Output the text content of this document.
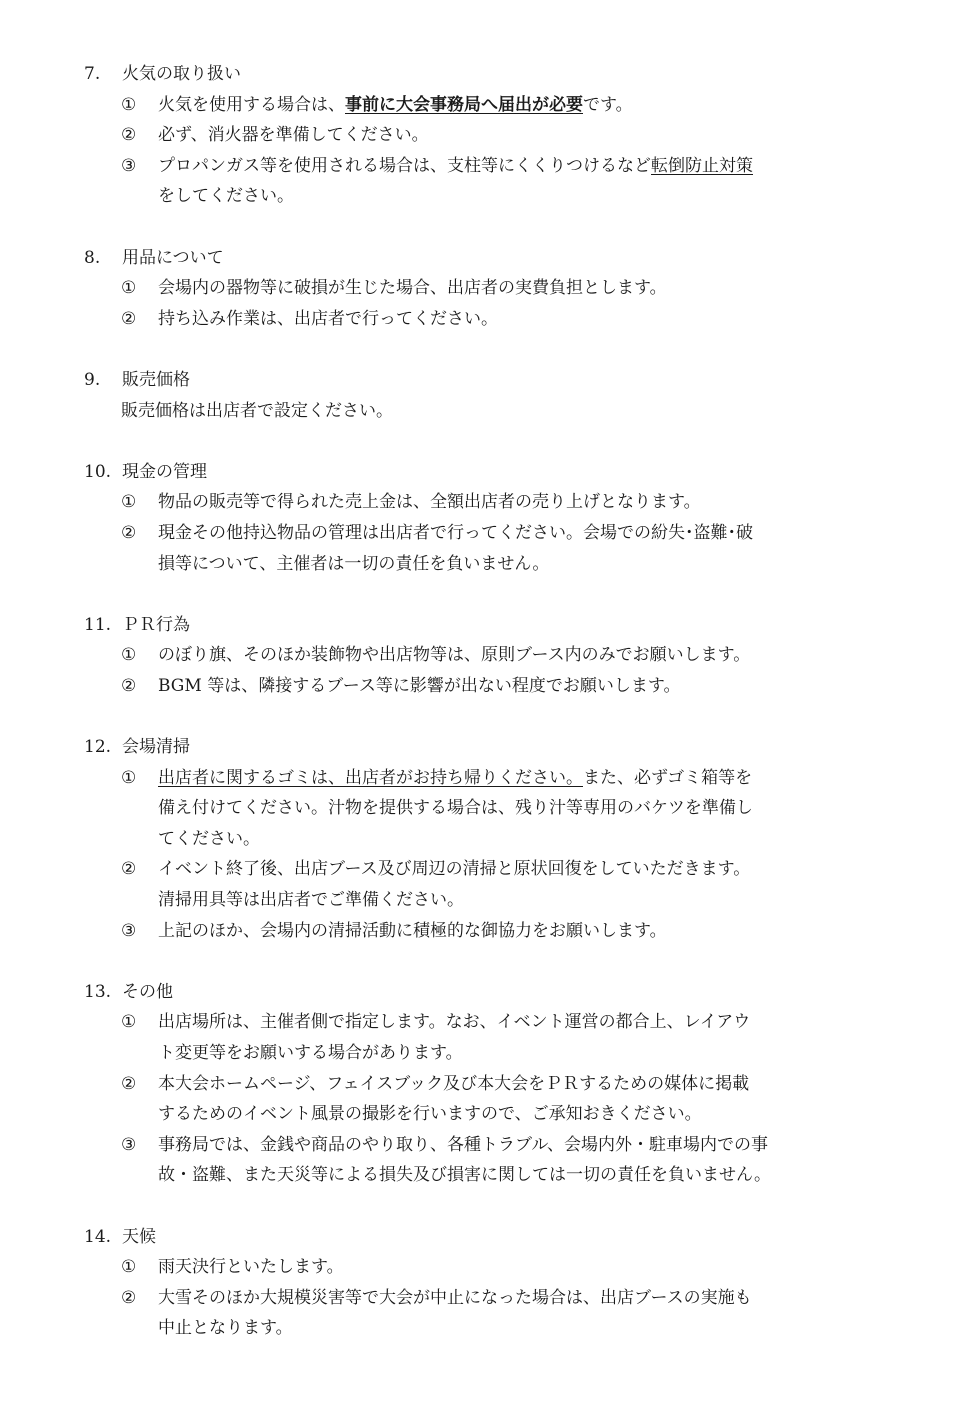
7.	火気の取り扱い
①	火気を使用する場合は、事前に大会事務局へ届出が必要です。
②	必ず、消火器を準備してください。
③	プロパンガス等を使用される場合は、支柱等にくくりつけるなど転倒防止対策
をしてください。
8.	用品について
①	会場内の器物等に破損が生じた場合、出店者の実費負担とします。
②	持ち込み作業は、出店者で行ってください。
9.	販売価格
販売価格は出店者で設定ください。
10. 現金の管理
①	物品の販売等で得られた売上金は、全額出店者の売り上げとなります。
②	現金その他持込物品の管理は出店者で行ってください。会場での紛失･盗難･破
損等について、主催者は一切の責任を負いません。
11. ＰＲ行為
①	のぼり旗、そのほか装飾物や出店物等は、原則ブース内のみでお願いします。
②	BGM 等は、隣接するブース等に影響が出ない程度でお願いします。
12. 会場清掃
①	出店者に関するゴミは、出店者がお持ち帰りください。また、必ずゴミ箱等を
備え付けてください。汁物を提供する場合は、残り汁等専用のバケツを準備し
てください。
②	イベント終了後、出店ブース及び周辺の清掃と原状回復をしていただきます。
清掃用具等は出店者でご準備ください。
③	上記のほか、会場内の清掃活動に積極的な御協力をお願いします。
13. その他
①	出店場所は、主催者側で指定します。なお、イベント運営の都合上、レイアウ
ト変更等をお願いする場合があります。
②	本大会ホームページ、フェイスブック及び本大会をＰＲするための媒体に掲載
するためのイベント風景の撮影を行いますので、ご承知おきください。
③	事務局では、金銭や商品のやり取り、各種トラブル、会場内外・駐車場内での事
故・盗難、また天災等による損失及び損害に関しては一切の責任を負いません。
14. 天候
①	雨天決行といたします。
②	大雪そのほか大規模災害等で大会が中止になった場合は、出店ブースの実施も
中止となります。
